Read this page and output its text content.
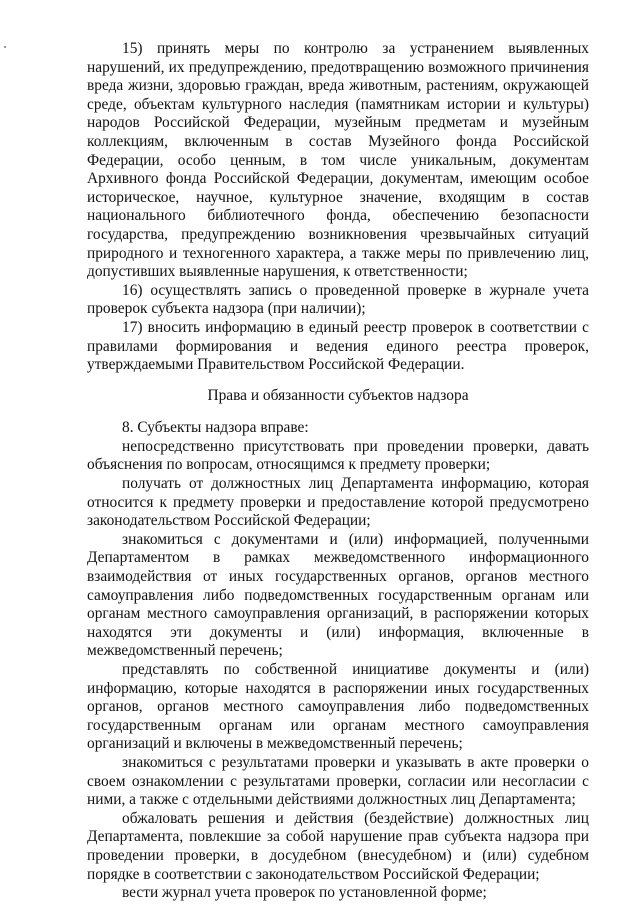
15) принять меры по контролю за устранением выявленных нарушений, их предупреждению, предотвращению возможного причинения вреда жизни, здоровью граждан, вреда животным, растениям, окружающей среде, объектам культурного наследия (памятникам истории и культуры) народов Российской Федерации, музейным предметам и музейным коллекциям, включенным в состав Музейного фонда Российской Федерации, особо ценным, в том числе уникальным, документам Архивного фонда Российской Федерации, документам, имеющим особое историческое, научное, культурное значение, входящим в состав национального библиотечного фонда, обеспечению безопасности государства, предупреждению возникновения чрезвычайных ситуаций природного и техногенного характера, а также меры по привлечению лиц, допустивших выявленные нарушения, к ответственности;

16) осуществлять запись о проведенной проверке в журнале учета проверок субъекта надзора (при наличии);

17) вносить информацию в единый реестр проверок в соответствии с правилами формирования и ведения единого реестра проверок, утверждаемыми Правительством Российской Федерации.

Права и обязанности субъектов надзора

8. Субъекты надзора вправе:

непосредственно присутствовать при проведении проверки, давать объяснения по вопросам, относящимся к предмету проверки;

получать от должностных лиц Департамента информацию, которая относится к предмету проверки и предоставление которой предусмотрено законодательством Российской Федерации;

знакомиться с документами и (или) информацией, полученными Департаментом в рамках межведомственного информационного взаимодействия от иных государственных органов, органов местного самоуправления либо подведомственных государственным органам или органам местного самоуправления организаций, в распоряжении которых находятся эти документы и (или) информация, включенные в межведомственный перечень;

представлять по собственной инициативе документы и (или) информацию, которые находятся в распоряжении иных государственных органов, органов местного самоуправления либо подведомственных государственным органам или органам местного самоуправления организаций и включены в межведомственный перечень;

знакомиться с результатами проверки и указывать в акте проверки о своем ознакомлении с результатами проверки, согласии или несогласии с ними, а также с отдельными действиями должностных лиц Департамента;

обжаловать решения и действия (бездействие) должностных лиц Департамента, повлекшие за собой нарушение прав субъекта надзора при проведении проверки, в досудебном (внесудебном) и (или) судебном порядке в соответствии с законодательством Российской Федерации;

вести журнал учета проверок по установленной форме;
